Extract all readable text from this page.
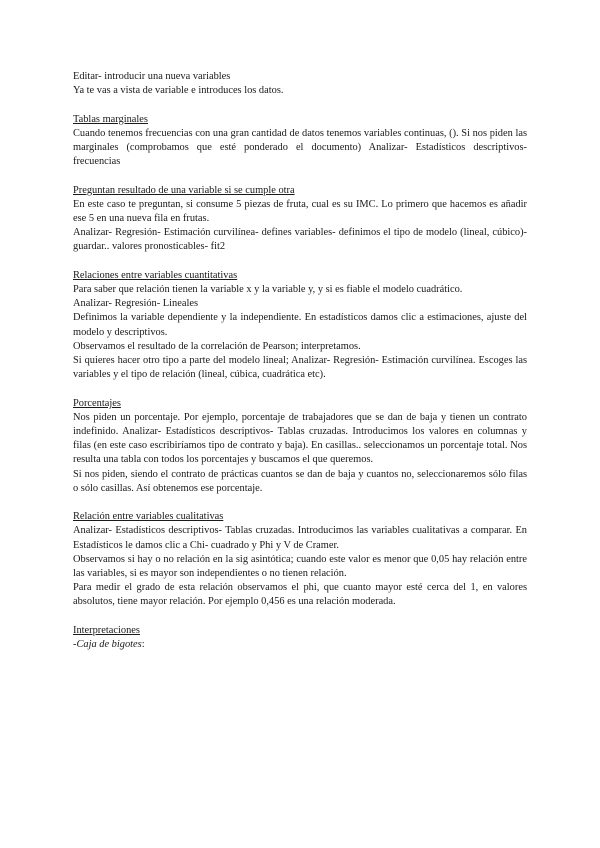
Editar- introducir una nueva variables

Ya te vas a vista de variable e introduces los datos.

Tablas marginales

Cuando tenemos frecuencias con una gran cantidad de datos tenemos variables continuas, (). Si nos piden las marginales (comprobamos que esté ponderado el documento) Analizar- Estadísticos descriptivos- frecuencias

Preguntan resultado de una variable si se cumple otra

En este caso te preguntan, si consume 5 piezas de fruta, cual es su IMC. Lo primero que hacemos es añadir ese 5 en una nueva fila en frutas.

Analizar- Regresión- Estimación curvilínea- defines variables- definimos el tipo de modelo (lineal, cúbico)- guardar.. valores pronosticables- fit2

Relaciones entre variables cuantitativas

Para saber que relación tienen la variable x y la variable y, y si es fiable el modelo cuadrático.

Analizar- Regresión- Lineales

Definimos la variable dependiente y la independiente. En estadísticos damos clic a estimaciones, ajuste del modelo y descriptivos.

Observamos el resultado de la correlación de Pearson; interpretamos.

Si quieres hacer otro tipo a parte del modelo lineal; Analizar- Regresión- Estimación curvilínea. Escoges las variables y el tipo de relación (lineal, cúbica, cuadrática etc).

Porcentajes

Nos piden un porcentaje. Por ejemplo, porcentaje de trabajadores que se dan de baja y tienen un contrato indefinido. Analizar- Estadísticos descriptivos- Tablas cruzadas. Introducimos los valores en columnas y filas (en este caso escribiríamos tipo de contrato y baja). En casillas.. seleccionamos un porcentaje total. Nos resulta una tabla con todos los porcentajes y buscamos el que queremos.

Si nos piden, siendo el contrato de prácticas cuantos se dan de baja y cuantos no, seleccionaremos sólo filas o sólo casillas. Así obtenemos ese porcentaje.

Relación entre variables cualitativas

Analizar- Estadísticos descriptivos- Tablas cruzadas. Introducimos las variables cualitativas a comparar. En Estadísticos le damos clic a Chi- cuadrado y Phi y V de Cramer.

Observamos si hay o no relación en la sig asintótica; cuando este valor es menor que 0,05 hay relación entre las variables, si es mayor son independientes o no tienen relación.

Para medir el grado de esta relación observamos el phi, que cuanto mayor esté cerca del 1, en valores absolutos, tiene mayor relación. Por ejemplo 0,456 es una relación moderada.

Interpretaciones

-Caja de bigotes:
